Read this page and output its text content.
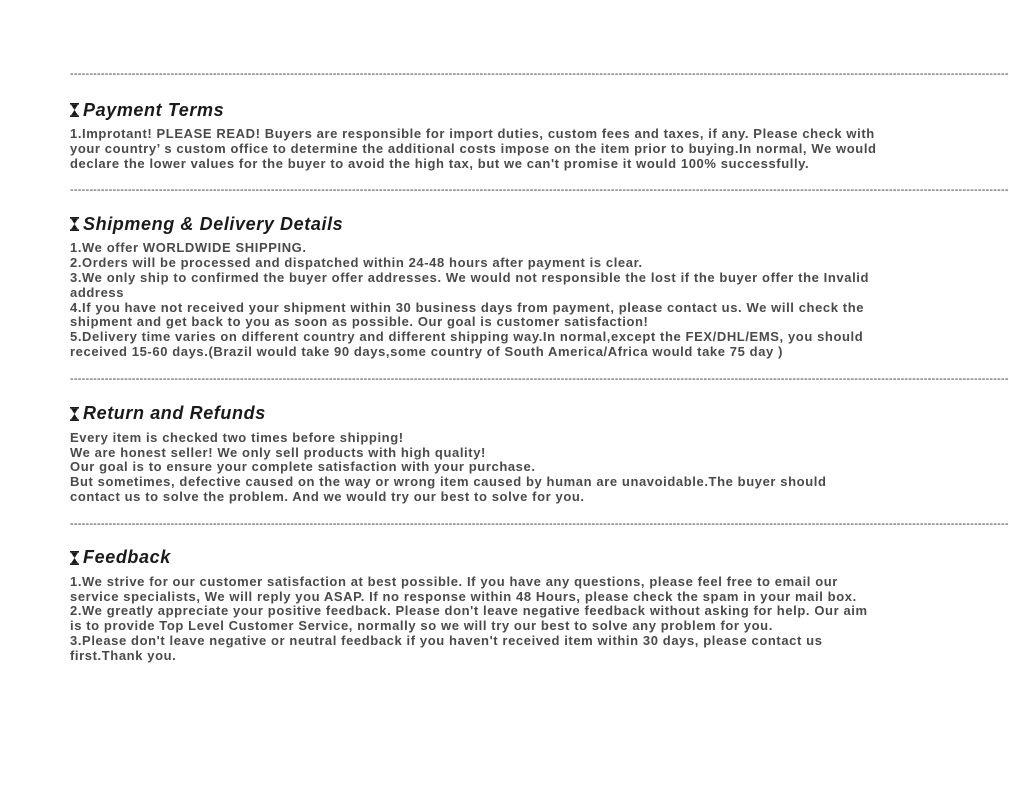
---------------------------------------------------------------------------------------------------------------------------------------------------------------------------------------------------------------------------------------------------
Payment Terms

1.Improtant! PLEASE READ! Buyers are responsible for import duties, custom fees and taxes, if any. Please check with your country’ s custom office to determine the additional costs impose on the item prior to buying.In normal, We would declare the lower values for the buyer to avoid the high tax, but we can't promise it would 100% successfully.

---------------------------------------------------------------------------------------------------------------------------------------------------------------------------------------------------------------------------------------------------
Shipmeng & Delivery Details

1.We offer WORLDWIDE SHIPPING.

2.Orders will be processed and dispatched within 24-48 hours after payment is clear.

3.We only ship to confirmed the buyer offer addresses. We would not responsible the lost if the buyer offer the Invalid address

4.If you have not received your shipment within 30 business days from payment, please contact us. We will check the shipment and get back to you as soon as possible. Our goal is customer satisfaction!

5.Delivery time varies on different country and different shipping way.In normal,except the FEX/DHL/EMS, you should received 15-60 days.(Brazil would take 90 days,some country of South America/Africa would take 75 day )

---------------------------------------------------------------------------------------------------------------------------------------------------------------------------------------------------------------------------------------------------
Return and Refunds

Every item is checked two times before shipping!

We are honest seller! We only sell products with high quality!

Our goal is to ensure your complete satisfaction with your purchase.

But sometimes, defective caused on the way or wrong item caused by human are unavoidable.The buyer should contact us to solve the problem. And we would try our best to solve for you.

---------------------------------------------------------------------------------------------------------------------------------------------------------------------------------------------------------------------------------------------------
Feedback

1.We strive for our customer satisfaction at best possible. If you have any questions, please feel free to email our service specialists, We will reply you ASAP. If no response within 48 Hours, please check the spam in your mail box.

2.We greatly appreciate your positive feedback. Please don't leave negative feedback without asking for help. Our aim is to provide Top Level Customer Service, normally so we will try our best to solve any problem for you.

3.Please don't leave negative or neutral feedback if you haven't received item within 30 days, please contact us first.Thank you.
